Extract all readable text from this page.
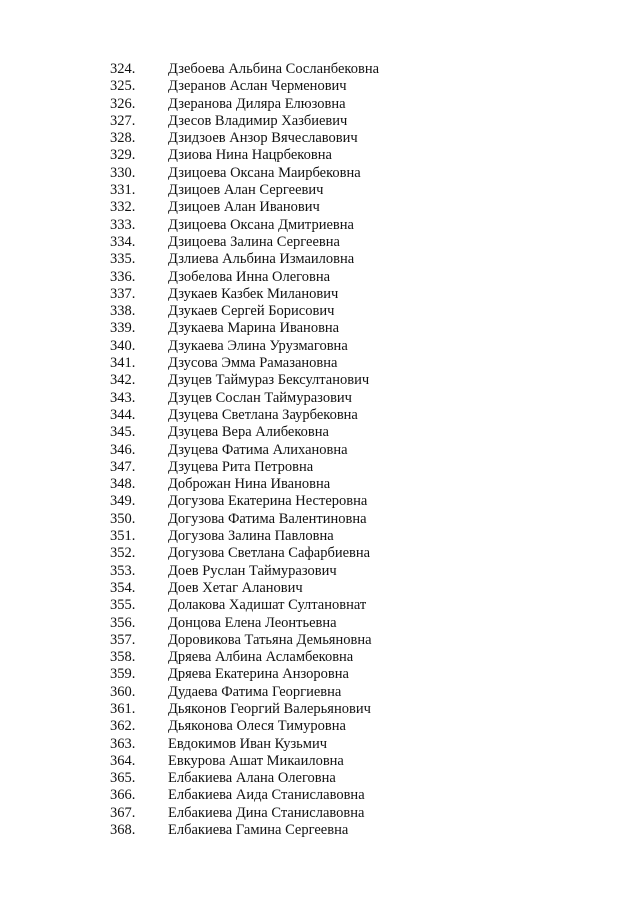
324. Дзебоева Альбина Сосланбековна
325. Дзеранов Аслан Черменович
326. Дзеранова Диляра Елюзовна
327. Дзесов Владимир Хазбиевич
328. Дзидзоев Анзор Вячеславович
329. Дзиова Нина Нацрбековна
330. Дзицоева Оксана Маирбековна
331. Дзицоев Алан Сергеевич
332. Дзицоев Алан Иванович
333. Дзицоева Оксана Дмитриевна
334. Дзицоева Залина Сергеевна
335. Дзлиева Альбина Измаиловна
336. Дзобелова Инна Олеговна
337. Дзукаев Казбек Миланович
338. Дзукаев Сергей Борисович
339. Дзукаева Марина Ивановна
340. Дзукаева Элина Урузмаговна
341. Дзусова Эмма Рамазановна
342. Дзуцев Таймураз Бексултанович
343. Дзуцев Сослан Таймуразович
344. Дзуцева Светлана Заурбековна
345. Дзуцева Вера Алибековна
346. Дзуцева Фатима Алихановна
347. Дзуцева Рита Петровна
348. Доброжан Нина Ивановна
349. Догузова Екатерина Нестеровна
350. Догузова Фатима Валентиновна
351. Догузова Залина Павловна
352. Догузова Светлана Сафарбиевна
353. Доев Руслан Таймуразович
354. Доев Хетаг Аланович
355. Долакова Хадишат Султановнат
356. Донцова Елена Леонтьевна
357. Доровикова Татьяна Демьяновна
358. Дряева Албина Асламбековна
359. Дряева Екатерина Анзоровна
360. Дудаева Фатима Георгиевна
361. Дьяконов Георгий Валерьянович
362. Дьяконова Олеся Тимуровна
363. Евдокимов Иван Кузьмич
364. Евкурова Ашат Микаиловна
365. Елбакиева Алана Олеговна
366. Елбакиева Аида Станиславовна
367. Елбакиева Дина Станиславовна
368. Елбакиева Гамина Сергеевна
